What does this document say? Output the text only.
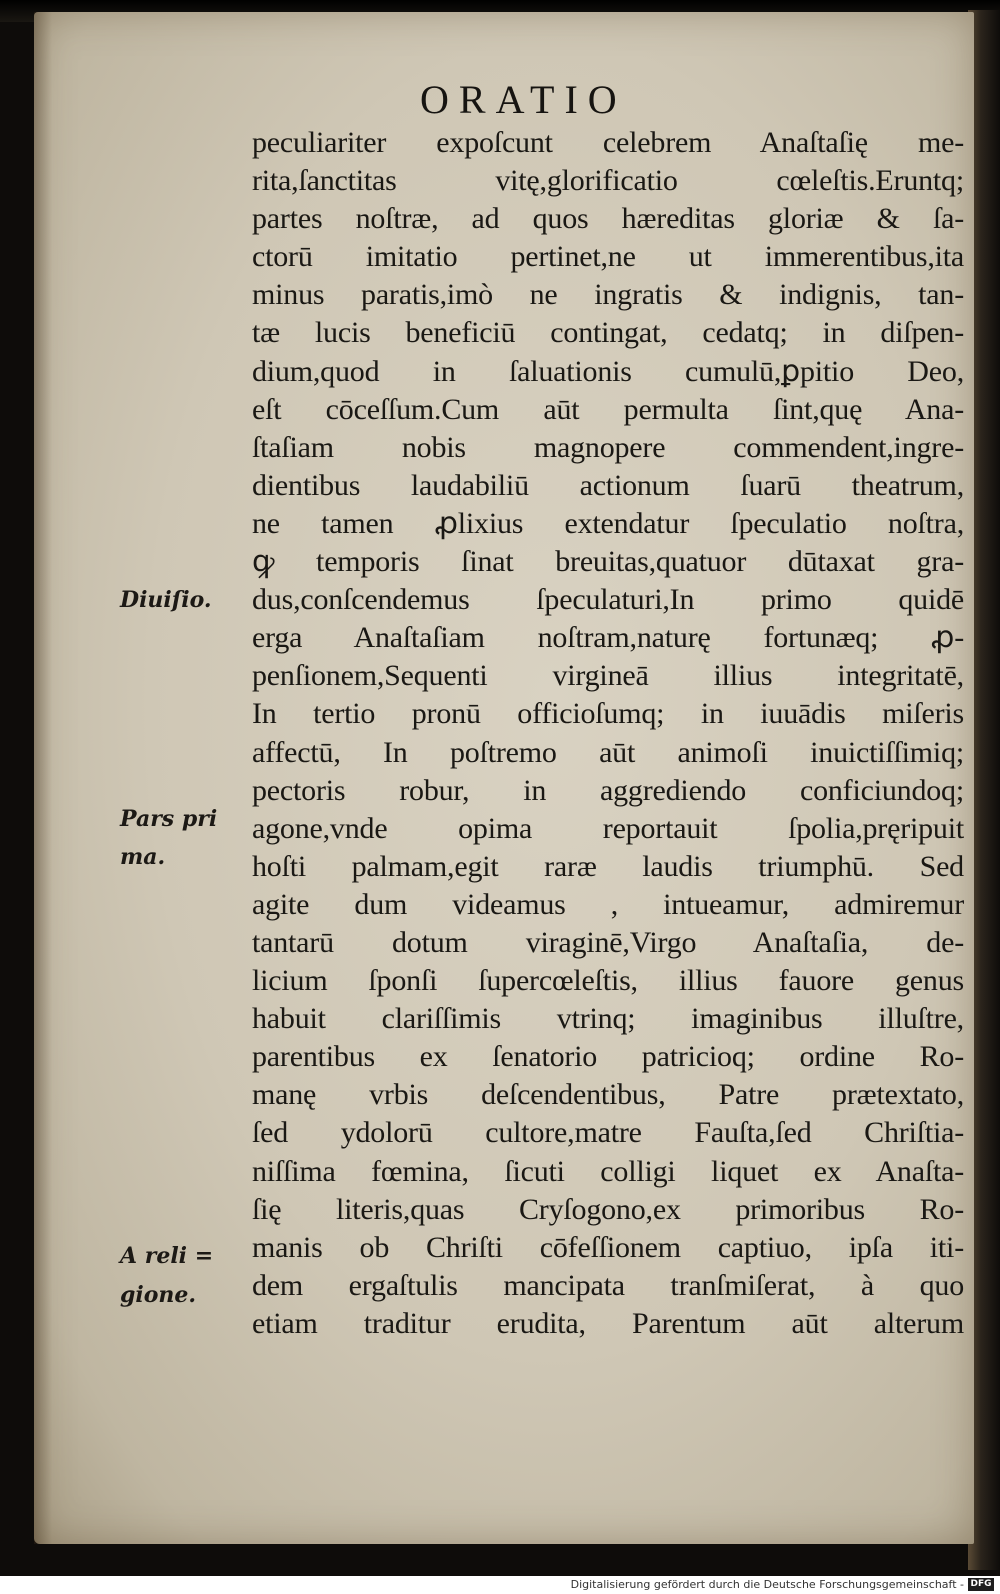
ORATIO
peculiariter expoſcunt celebrem Anaſtaſię me-
rita,ſanctitas vitę,glorificatio cœleſtis.Eruntq;
partes noſtræ, ad quos hæreditas gloriæ & ſa-
ctorū imitatio pertinet,ne ut immerentibus,ita
minus paratis,imò ne ingratis & indignis, tan-
tæ lucis beneficiū contingat, cedatq; in diſpen-
dium,quod in ſaluationis cumulū,ꝑpitio Deo,
eſt cōceſſum.Cum aūt permulta ſint,quę Ana-
ſtaſiam nobis magnopere commendent,ingre-
dientibus laudabiliū actionum ſuarū theatrum,
ne tamen ꝓlixius extendatur ſpeculatio noſtra,
ꝙ temporis ſinat breuitas,quatuor dūtaxat gra-
dus,conſcendemus ſpeculaturi,In primo quidē
erga Anaſtaſiam noſtram,naturę fortunæq; ꝓ-
penſionem,Sequenti virgineā illius integritatē,
In tertio pronū officioſumq; in iuuādis miſeris
affectū, In poſtremo aūt animoſi inuictiſſimiq;
pectoris robur, in aggrediendo conficiundoq;
agone,vnde opima reportauit ſpolia,pręripuit
hoſti palmam,egit raræ laudis triumphū. Sed
agite dum videamus , intueamur, admiremur
tantarū dotum viraginē,Virgo Anaſtaſia, de-
licium ſponſi ſupercœleſtis, illius fauore genus
habuit clariſſimis vtrinq; imaginibus illuſtre,
parentibus ex ſenatorio patricioq; ordine Ro-
manę vrbis deſcendentibus, Patre prætextato,
ſed ydolorū cultore,matre Fauſta,ſed Chriſtia-
niſſima fœmina, ſicuti colligi liquet ex Anaſta-
ſię literis,quas Cryſogono,ex primoribus Ro-
manis ob Chriſti cōfeſſionem captiuo, ipſa iti-
dem ergaſtulis mancipata tranſmiſerat, à quo
etiam traditur erudita, Parentum aūt alterum
Diuiſio.
Pars pri
ma.
A reli =
gione.
Digitalisierung gefördert durch die Deutsche Forschungsgemeinschaft - DFG
